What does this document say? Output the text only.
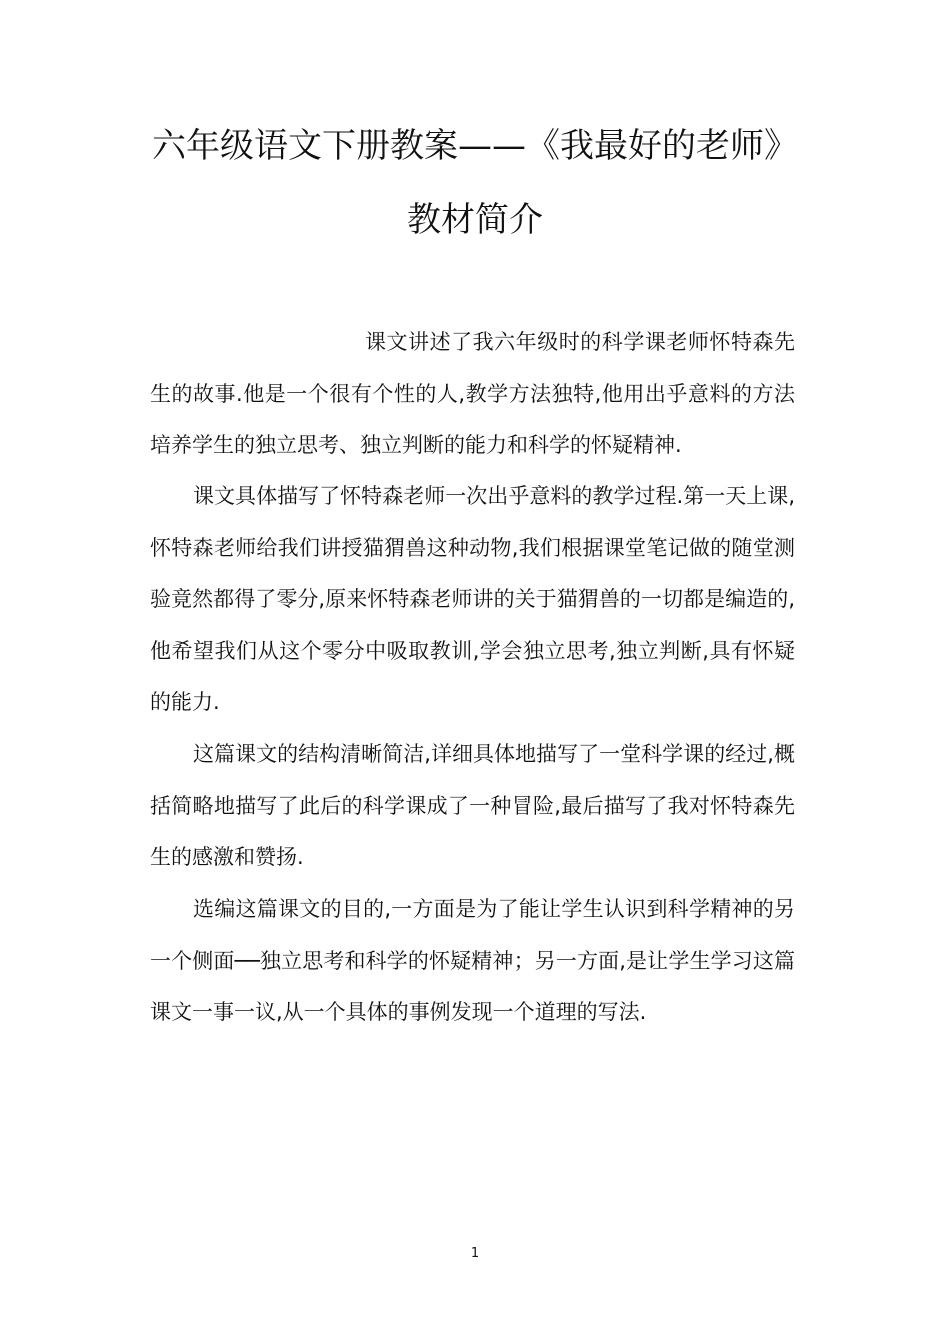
六年级语文下册教案——《我最好的老师》
教材简介

课文讲述了我六年级时的科学课老师怀特森先生的故事.他是一个很有个性的人,教学方法独特,他用出乎意料的方法培养学生的独立思考、独立判断的能力和科学的怀疑精神.

课文具体描写了怀特森老师一次出乎意料的教学过程.第一天上课,怀特森老师给我们讲授猫猬兽这种动物,我们根据课堂笔记做的随堂测验竟然都得了零分,原来怀特森老师讲的关于猫猬兽的一切都是编造的,他希望我们从这个零分中吸取教训,学会独立思考,独立判断,具有怀疑的能力.

这篇课文的结构清晰简洁,详细具体地描写了一堂科学课的经过,概括简略地描写了此后的科学课成了一种冒险,最后描写了我对怀特森先生的感激和赞扬.

选编这篇课文的目的,一方面是为了能让学生认识到科学精神的另一个侧面──独立思考和科学的怀疑精神；另一方面,是让学生学习这篇课文一事一议,从一个具体的事例发现一个道理的写法.

1
